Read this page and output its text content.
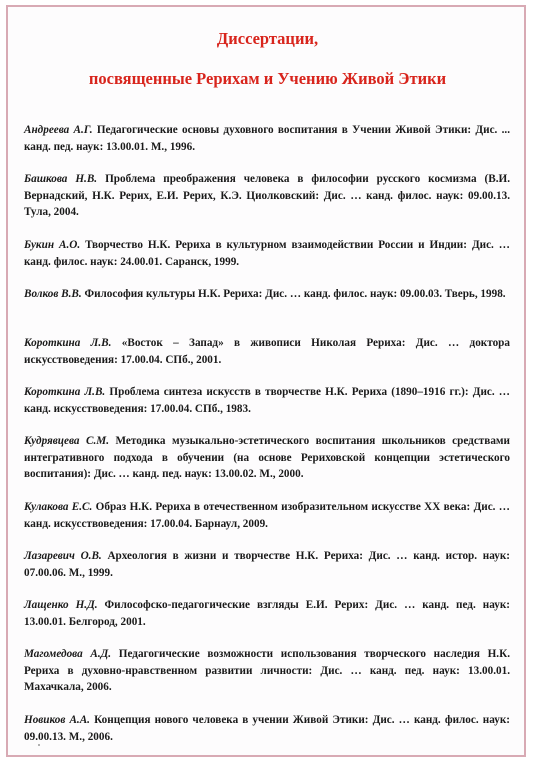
Диссертации,
посвященные Рерихам и Учению Живой Этики

Андреева А.Г. Педагогические основы духовного воспитания в Учении Живой Этики: Дис. ... канд. пед. наук: 13.00.01. М., 1996.

Башкова Н.В. Проблема преображения человека в философии русского космизма (В.И. Вернадский, Н.К. Рерих, Е.И. Рерих, К.Э. Циолковский: Дис. … канд. филос. наук: 09.00.13. Тула, 2004.

Букин А.О. Творчество Н.К. Рериха в культурном взаимодействии России и Индии: Дис. … канд. филос. наук: 24.00.01. Саранск, 1999.

Волков В.В. Философия культуры Н.К. Рериха: Дис. … канд. филос. наук: 09.00.03. Тверь, 1998.

Короткина Л.В. «Восток – Запад» в живописи Николая Рериха: Дис. … доктора искусствоведения: 17.00.04. СПб., 2001.

Короткина Л.В. Проблема синтеза искусств в творчестве Н.К. Рериха (1890–1916 гг.): Дис. … канд. искусствоведения: 17.00.04. СПб., 1983.

Кудрявцева С.М. Методика музыкально-эстетического воспитания школьников средствами интегративного подхода в обучении (на основе Рериховской концепции эстетического воспитания): Дис. … канд. пед. наук: 13.00.02. М., 2000.

Кулакова Е.С. Образ Н.К. Рериха в отечественном изобразительном искусстве XX века: Дис. … канд. искусствоведения: 17.00.04. Барнаул, 2009.

Лазаревич О.В. Археология в жизни и творчестве Н.К. Рериха: Дис. … канд. истор. наук: 07.00.06. М., 1999.

Лащенко Н.Д. Философско-педагогические взгляды Е.И. Рерих: Дис. … канд. пед. наук: 13.00.01. Белгород, 2001.

Магомедова А.Д. Педагогические возможности использования творческого наследия Н.К. Рериха в духовно-нравственном развитии личности: Дис. … канд. пед. наук: 13.00.01. Махачкала, 2006.

Новиков А.А. Концепция нового человека в учении Живой Этики: Дис. … канд. филос. наук: 09.00.13. М., 2006.
